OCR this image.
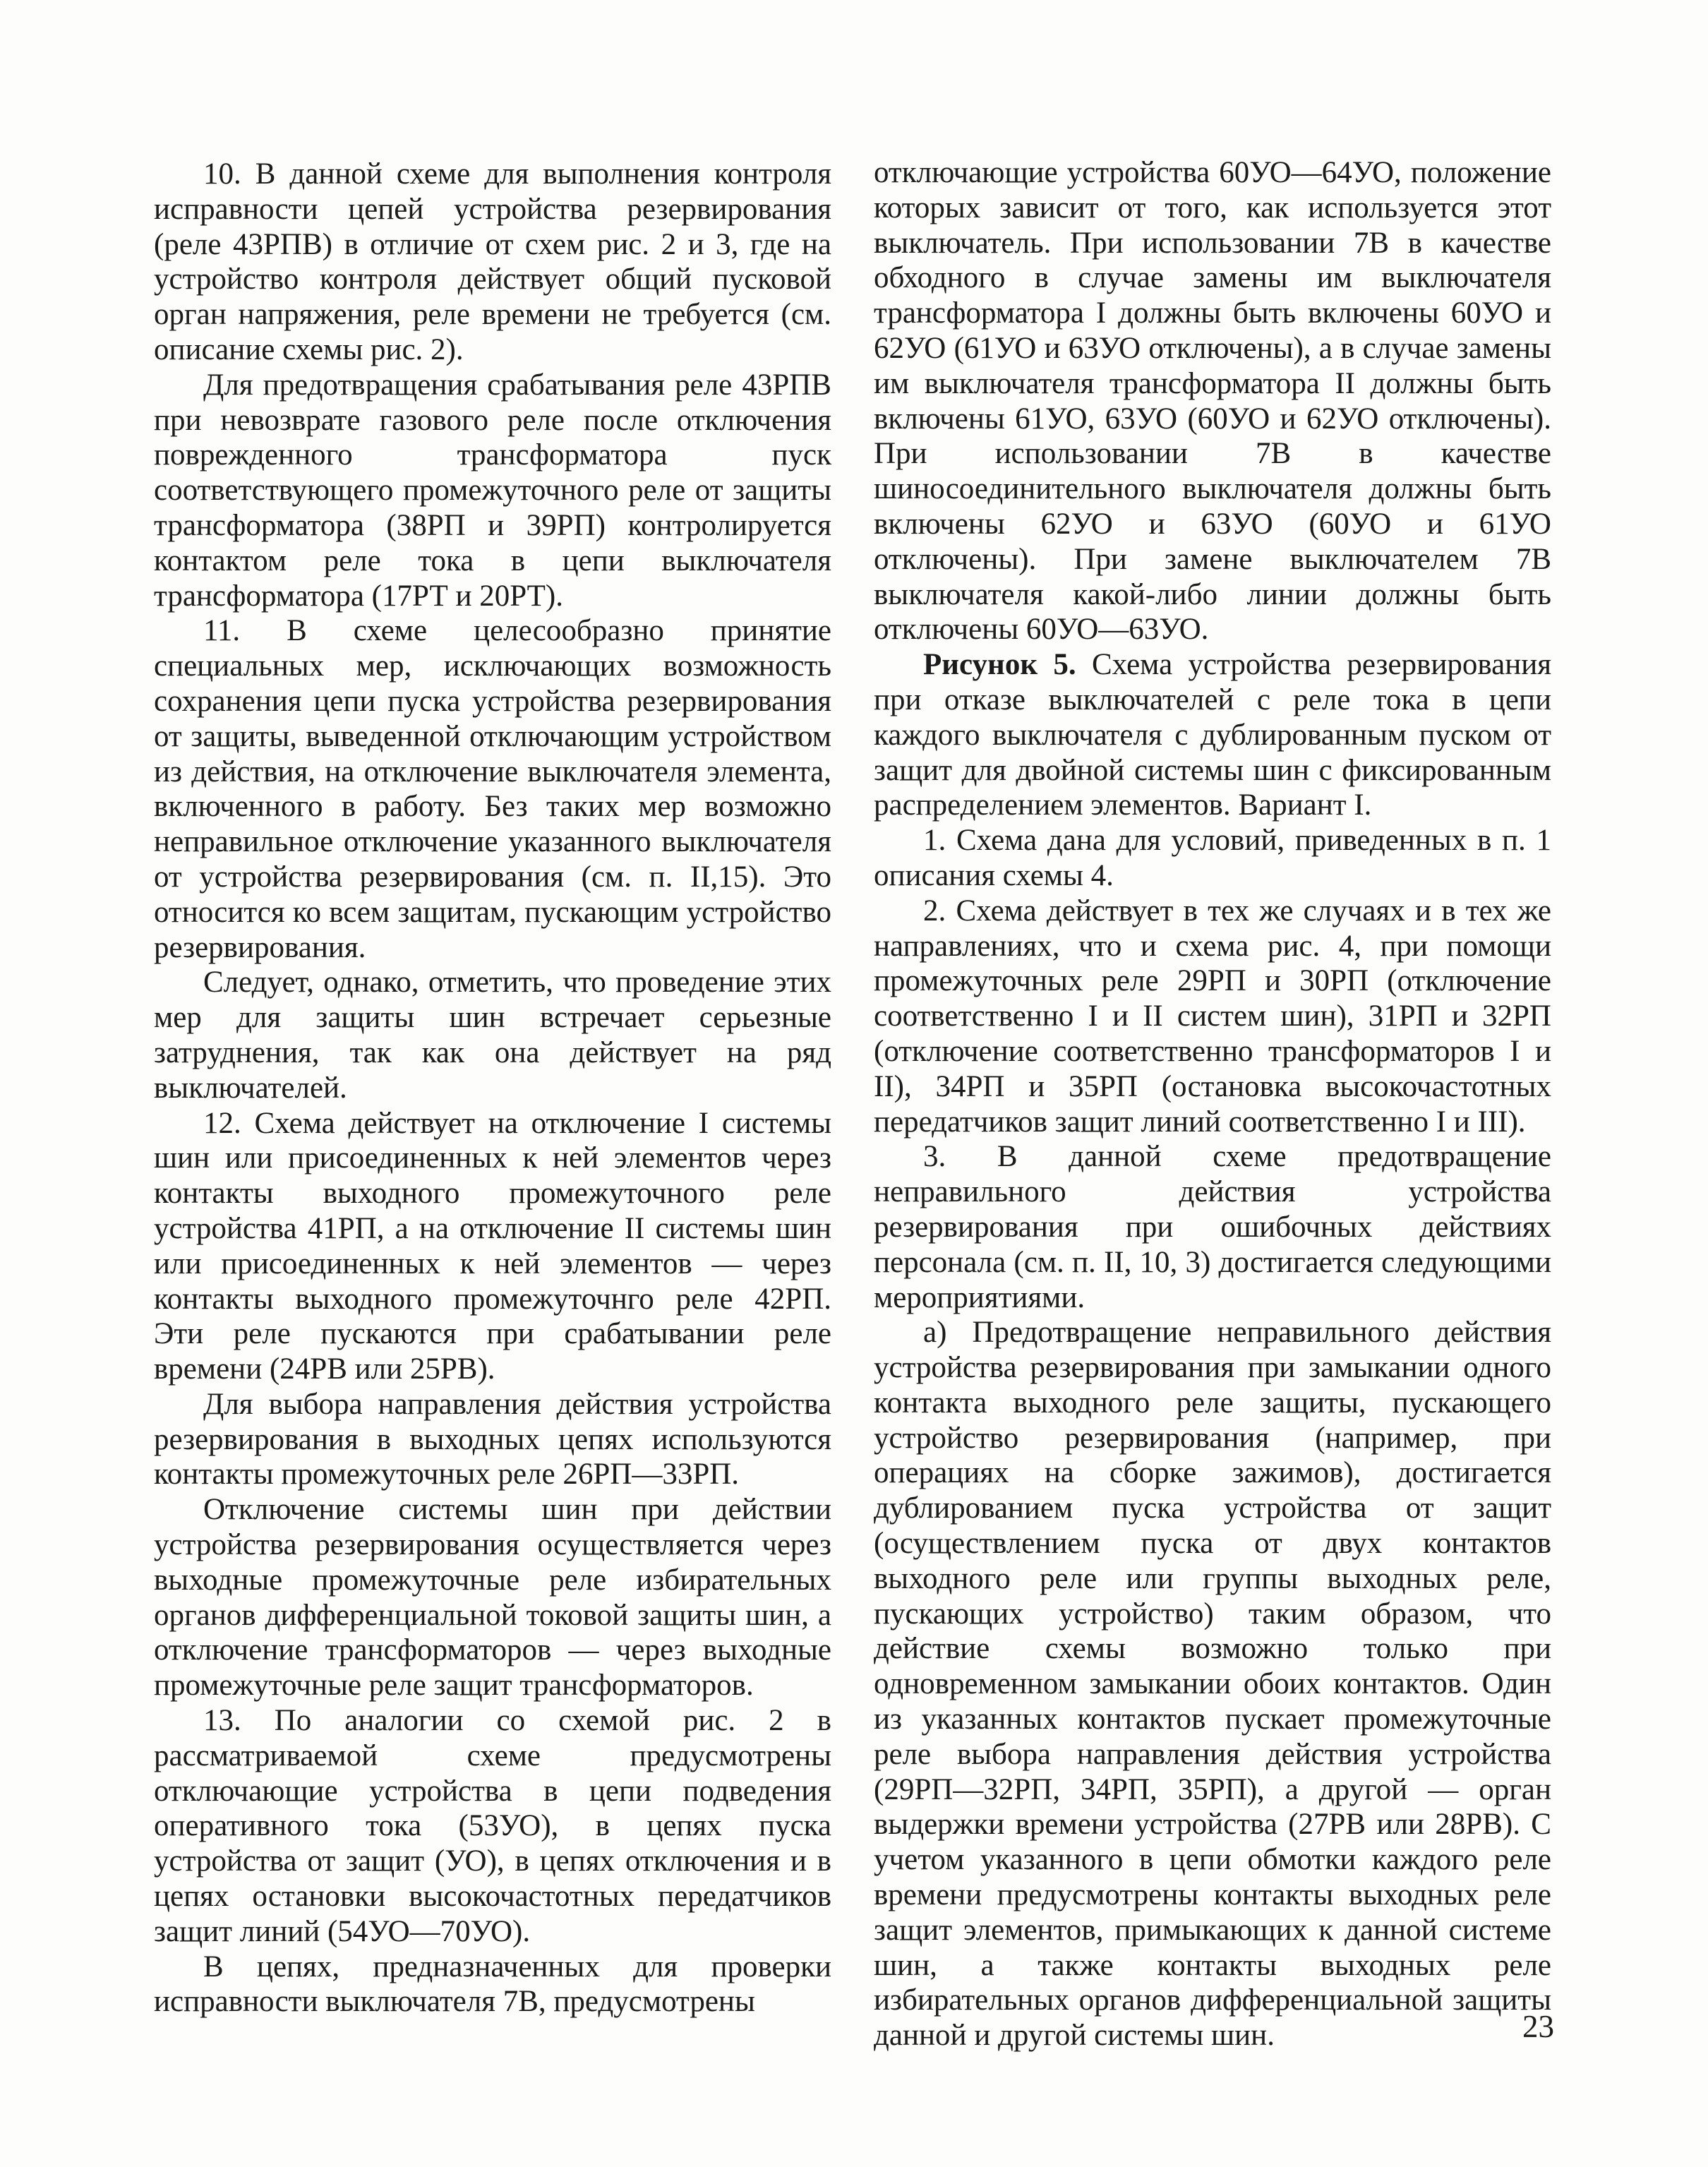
10. В данной схеме для выполнения контроля исправности цепей устройства резервирования (реле 43РПВ) в отличие от схем рис. 2 и 3, где на устройство контроля действует общий пусковой орган напряжения, реле времени не требуется (см. описание схемы рис. 2).

Для предотвращения срабатывания реле 43РПВ при невозврате газового реле после отключения поврежденного трансформатора пуск соответствующего промежуточного реле от защиты трансформатора (38РП и 39РП) контролируется контактом реле тока в цепи выключателя трансформатора (17РТ и 20РТ).

11. В схеме целесообразно принятие специальных мер, исключающих возможность сохранения цепи пуска устройства резервирования от защиты, выведенной отключающим устройством из действия, на отключение выключателя элемента, включенного в работу. Без таких мер возможно неправильное отключение указанного выключателя от устройства резервирования (см. п. II,15). Это относится ко всем защитам, пускающим устройство резервирования.

Следует, однако, отметить, что проведение этих мер для защиты шин встречает серьезные затруднения, так как она действует на ряд выключателей.

12. Схема действует на отключение I системы шин или присоединенных к ней элементов через контакты выходного промежуточного реле устройства 41РП, а на отключение II системы шин или присоединенных к ней элементов — через контакты выходного промежуточнго реле 42РП. Эти реле пускаются при срабатывании реле времени (24РВ или 25РВ).

Для выбора направления действия устройства резервирования в выходных цепях используются контакты промежуточных реле 26РП—33РП.

Отключение системы шин при действии устройства резервирования осуществляется через выходные промежуточные реле избирательных органов дифференциальной токовой защиты шин, а отключение трансформаторов — через выходные промежуточные реле защит трансформаторов.

13. По аналогии со схемой рис. 2 в рассматриваемой схеме предусмотрены отключающие устройства в цепи подведения оперативного тока (53УО), в цепях пуска устройства от защит (УО), в цепях отключения и в цепях остановки высокочастотных передатчиков защит линий (54УО—70УО).

В цепях, предназначенных для проверки исправности выключателя 7В, предусмотрены

отключающие устройства 60УО—64УО, положение которых зависит от того, как используется этот выключатель. При использовании 7В в качестве обходного в случае замены им выключателя трансформатора I должны быть включены 60УО и 62УО (61УО и 63УО отключены), а в случае замены им выключателя трансформатора II должны быть включены 61УО, 63УО (60УО и 62УО отключены). При использовании 7В в качестве шиносоединительного выключателя должны быть включены 62УО и 63УО (60УО и 61УО отключены). При замене выключателем 7В выключателя какой-либо линии должны быть отключены 60УО—63УО.

Рисунок 5. Схема устройства резервирования при отказе выключателей с реле тока в цепи каждого выключателя с дублированным пуском от защит для двойной системы шин с фиксированным распределением элементов. Вариант I.

1. Схема дана для условий, приведенных в п. 1 описания схемы 4.

2. Схема действует в тех же случаях и в тех же направлениях, что и схема рис. 4, при помощи промежуточных реле 29РП и 30РП (отключение соответственно I и II систем шин), 31РП и 32РП (отключение соответственно трансформаторов I и II), 34РП и 35РП (остановка высокочастотных передатчиков защит линий соответственно I и III).

3. В данной схеме предотвращение неправильного действия устройства резервирования при ошибочных действиях персонала (см. п. II, 10, 3) достигается следующими мероприятиями.

а) Предотвращение неправильного действия устройства резервирования при замыкании одного контакта выходного реле защиты, пускающего устройство резервирования (например, при операциях на сборке зажимов), достигается дублированием пуска устройства от защит (осуществлением пуска от двух контактов выходного реле или группы выходных реле, пускающих устройство) таким образом, что действие схемы возможно только при одновременном замыкании обоих контактов. Один из указанных контактов пускает промежуточные реле выбора направления действия устройства (29РП—32РП, 34РП, 35РП), а другой — орган выдержки времени устройства (27РВ или 28РВ). С учетом указанного в цепи обмотки каждого реле времени предусмотрены контакты выходных реле защит элементов, примыкающих к данной системе шин, а также контакты выходных реле избирательных органов дифференциальной защиты данной и другой системы шин.	23
